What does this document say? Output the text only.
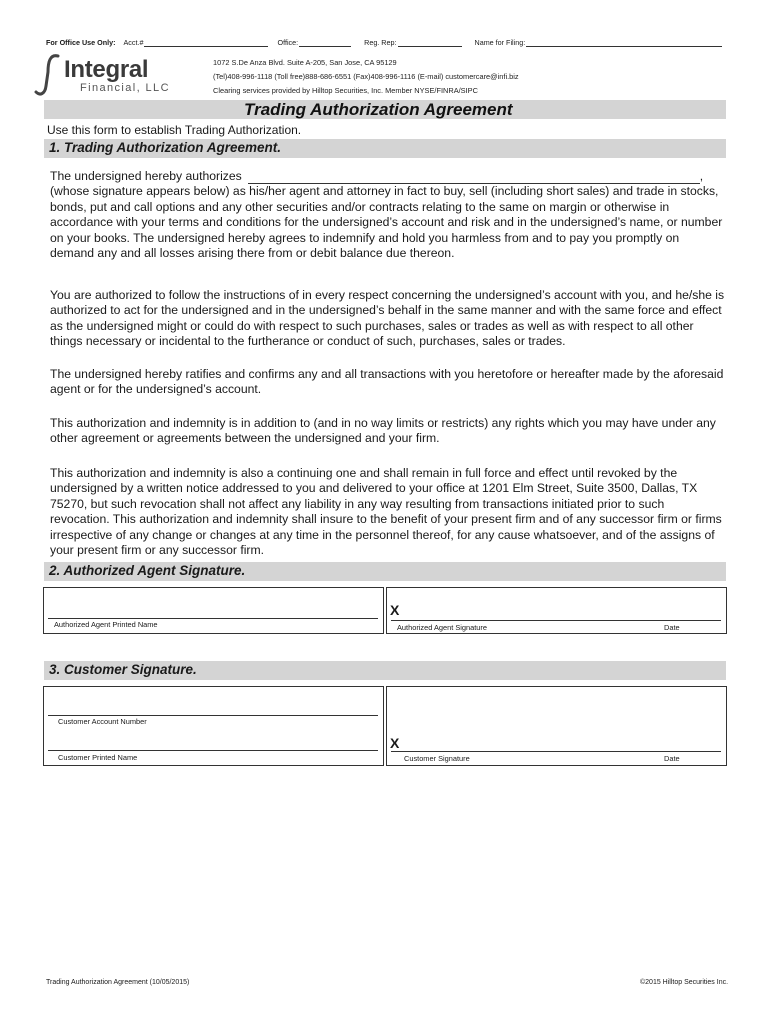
For Office Use Only: Acct.#	Office:	Reg. Rep:	Name for Filing:
Integral
Financial, LLC
1072 S.De Anza Blvd. Suite A-205, San Jose, CA 95129
(Tel)408-996-1118 (Toll free)888-686-6551 (Fax)408-996-1116 (E-mail) customercare@infi.biz
Clearing services provided by Hilltop Securities, Inc. Member NYSE/FINRA/SIPC
Trading Authorization Agreement
Use this form to establish Trading Authorization.
1. Trading Authorization Agreement.

The undersigned hereby authorizes	,

(whose signature appears below) as his/her agent and attorney in fact to buy, sell (including short sales) and trade in stocks, bonds, put and call options and any other securities and/or contracts relating to the same on margin or otherwise in accordance with your terms and conditions for the undersigned’s account and risk and in the undersigned’s name, or number on your books. The undersigned hereby agrees to indemnify and hold you harmless from and to pay you promptly on demand any and all losses arising there from or debit balance due thereon.

You are authorized to follow the instructions of in every respect concerning the undersigned’s account with you, and he/she is authorized to act for the undersigned and in the undersigned’s behalf in the same manner and with the same force and effect as the undersigned might or could do with respect to such purchases, sales or trades as well as with respect to all other things necessary or incidental to the furtherance or conduct of such, purchases, sales or trades.
The undersigned hereby ratifies and confirms any and all transactions with you heretofore or hereafter made by the aforesaid agent or for the undersigned’s account.
This authorization and indemnity is in addition to (and in no way limits or restricts) any rights which you may have under any other agreement or agreements between the undersigned and your firm.
This authorization and indemnity is also a continuing one and shall remain in full force and effect until revoked by the undersigned by a written notice addressed to you and delivered to your office at 1201 Elm Street, Suite 3500, Dallas, TX 75270, but such revocation shall not affect any liability in any way resulting from transactions initiated prior to such revocation. This authorization and indemnity shall insure to the benefit of your present firm and of any successor firm or firms irrespective of any change or changes at any time in the personnel thereof, for any cause whatsoever, and of the assigns of your present firm or any successor firm.
2. Authorized Agent Signature.
Authorized Agent Printed Name
X
Authorized Agent Signature	Date
3. Customer Signature.
Customer Account Number
Customer Printed Name
X
Customer Signature	Date
Trading Authorization Agreement (10/05/2015)	©2015 Hilltop Securities Inc.
